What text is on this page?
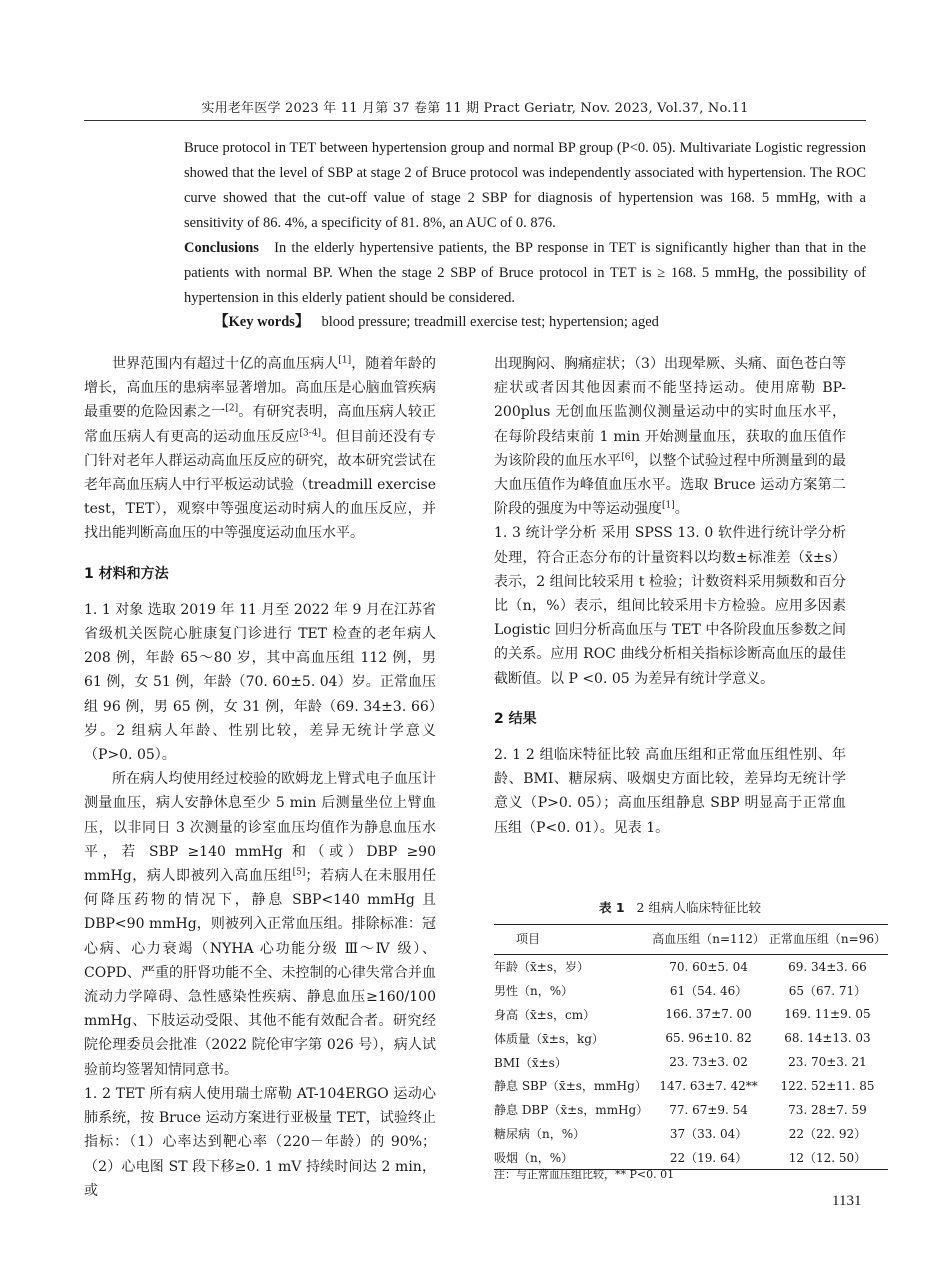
实用老年医学 2023 年 11 月第 37 卷第 11 期 Pract Geriatr, Nov. 2023, Vol.37, No.11

Bruce protocol in TET between hypertension group and normal BP group (P<0. 05). Multivariate Logistic regression showed that the level of SBP at stage 2 of Bruce protocol was independently associated with hypertension. The ROC curve showed that the cut-off value of stage 2 SBP for diagnosis of hypertension was 168. 5 mmHg, with a sensitivity of 86. 4%, a specificity of 81. 8%, an AUC of 0. 876.

Conclusions In the elderly hypertensive patients, the BP response in TET is significantly higher than that in the patients with normal BP. When the stage 2 SBP of Bruce protocol in TET is ≥ 168. 5 mmHg, the possibility of hypertension in this elderly patient should be considered.

【Key words】 blood pressure; treadmill exercise test; hypertension; aged

世界范围内有超过十亿的高血压病人[1]，随着年龄的增长，高血压的患病率显著增加。高血压是心脑血管疾病最重要的危险因素之一[2]。有研究表明，高血压病人较正常血压病人有更高的运动血压反应[3-4]。但目前还没有专门针对老年人群运动高血压反应的研究，故本研究尝试在老年高血压病人中行平板运动试验（treadmill exercise test，TET），观察中等强度运动时病人的血压反应，并找出能判断高血压的中等强度运动血压水平。

1 材料和方法

1. 1 对象 选取 2019 年 11 月至 2022 年 9 月在江苏省省级机关医院心脏康复门诊进行 TET 检查的老年病人 208 例，年龄 65～80 岁，其中高血压组 112 例，男 61 例，女 51 例，年龄（70. 60±5. 04）岁。正常血压组 96 例，男 65 例，女 31 例，年龄（69. 34±3. 66）岁。2 组病人年龄、性别比较，差异无统计学意义（P>0. 05）。

所在病人均使用经过校验的欧姆龙上臂式电子血压计测量血压，病人安静休息至少 5 min 后测量坐位上臂血压，以非同日 3 次测量的诊室血压均值作为静息血压水平，若 SBP ≥140 mmHg 和（或）DBP ≥90 mmHg，病人即被列入高血压组[5]；若病人在未服用任何降压药物的情况下，静息 SBP<140 mmHg 且 DBP<90 mmHg，则被列入正常血压组。排除标准：冠心病、心力衰竭（NYHA 心功能分级 Ⅲ～Ⅳ 级）、COPD、严重的肝肾功能不全、未控制的心律失常合并血流动力学障碍、急性感染性疾病、静息血压≥160/100 mmHg、下肢运动受限、其他不能有效配合者。研究经院伦理委员会批准（2022 院伦审字第 026 号），病人试验前均签署知情同意书。

1. 2 TET 所有病人使用瑞士席勒 AT-104ERGO 运动心肺系统，按 Bruce 运动方案进行亚极量 TET，试验终止指标：（1）心率达到靶心率（220－年龄）的 90%；（2）心电图 ST 段下移≥0. 1 mV 持续时间达 2 min，或

出现胸闷、胸痛症状；（3）出现晕厥、头痛、面色苍白等症状或者因其他因素而不能坚持运动。使用席勒 BP-200plus 无创血压监测仪测量运动中的实时血压水平，在每阶段结束前 1 min 开始测量血压，获取的血压值作为该阶段的血压水平[6]，以整个试验过程中所测量到的最大血压值作为峰值血压水平。选取 Bruce 运动方案第二阶段的强度为中等运动强度[1]。

1. 3 统计学分析 采用 SPSS 13. 0 软件进行统计学分析处理，符合正态分布的计量资料以均数±标准差（x̄±s）表示，2 组间比较采用 t 检验；计数资料采用频数和百分比（n，%）表示，组间比较采用卡方检验。应用多因素 Logistic 回归分析高血压与 TET 中各阶段血压参数之间的关系。应用 ROC 曲线分析相关指标诊断高血压的最佳截断值。以 P <0. 05 为差异有统计学意义。

2 结果

2. 1 2 组临床特征比较 高血压组和正常血压组性别、年龄、BMI、糖尿病、吸烟史方面比较，差异均无统计学意义（P>0. 05）；高血压组静息 SBP 明显高于正常血压组（P<0. 01）。见表 1。

表 1 2 组病人临床特征比较
项目	高血压组（n=112）	正常血压组（n=96）
年龄（x̄±s，岁）	70. 60±5. 04	69. 34±3. 66
男性（n，%）	61（54. 46）	65（67. 71）
身高（x̄±s，cm）	166. 37±7. 00	169. 11±9. 05
体质量（x̄±s，kg）	65. 96±10. 82	68. 14±13. 03
BMI（x̄±s）	23. 73±3. 02	23. 70±3. 21
静息 SBP（x̄±s，mmHg）	147. 63±7. 42**	122. 52±11. 85
静息 DBP（x̄±s，mmHg）	77. 67±9. 54	73. 28±7. 59
糖尿病（n，%）	37（33. 04）	22（22. 92）
吸烟（n，%）	22（19. 64）	12（12. 50）
注：与正常血压组比较，** P<0. 01
1131
